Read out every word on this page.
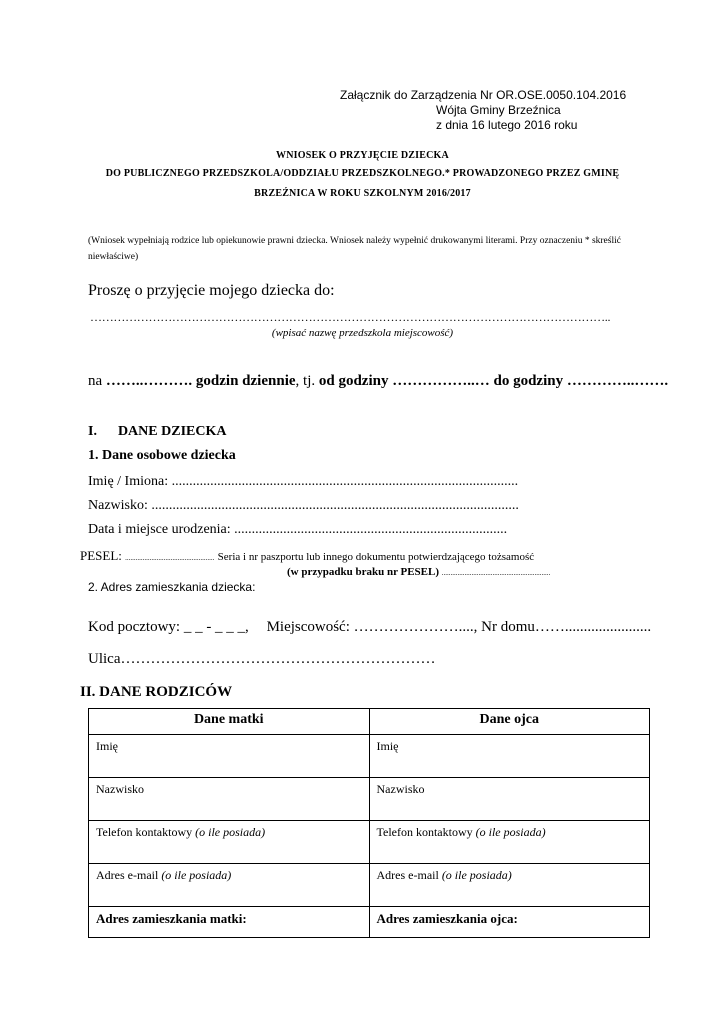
Załącznik do Zarządzenia Nr OR.OSE.0050.104.2016
Wójta Gminy Brzeźnica
z dnia 16 lutego 2016 roku
WNIOSEK O PRZYJĘCIE DZIECKA
DO PUBLICZNEGO PRZEDSZKOLA/ODDZIAŁU PRZEDSZKOLNEGO.* PROWADZONEGO PRZEZ GMINĘ
BRZEŹNICA W ROKU SZKOLNYM 2016/2017
(Wniosek wypełniają rodzice lub opiekunowie prawni dziecka. Wniosek należy wypełnić drukowanymi literami. Przy oznaczeniu * skreślić
niewłaściwe)
Proszę o przyjęcie mojego dziecka do:
……………………………………………………………………………………………………………………..
(wpisać nazwę przedszkola miejscowość)
na ……..………. godzin dziennie, tj. od godziny ……………..… do godziny …………..…….
I.      DANE DZIECKA
1. Dane osobowe dziecka
Imię / Imiona: ...................................................................................................
Nazwisko: .........................................................................................................
Data i miejsce urodzenia: ..............................................................................
PESEL: ................................................... Seria i nr paszportu lub innego dokumentu potwierdzającego tożsamość
(w przypadku braku nr PESEL) ..............................................................
2. Adres zamieszkania dziecka:
Kod pocztowy: _ _ - _ _ _, Miejscowość: …………………...., Nr domu…….......................
Ulica………………………………………………………
II. DANE RODZICÓW
Dane matki	Dane ojca
Imię	Imię
Nazwisko	Nazwisko
Telefon kontaktowy (o ile posiada)	Telefon kontaktowy (o ile posiada)
Adres e-mail (o ile posiada)	Adres e-mail (o ile posiada)
Adres zamieszkania matki:	Adres zamieszkania ojca:
